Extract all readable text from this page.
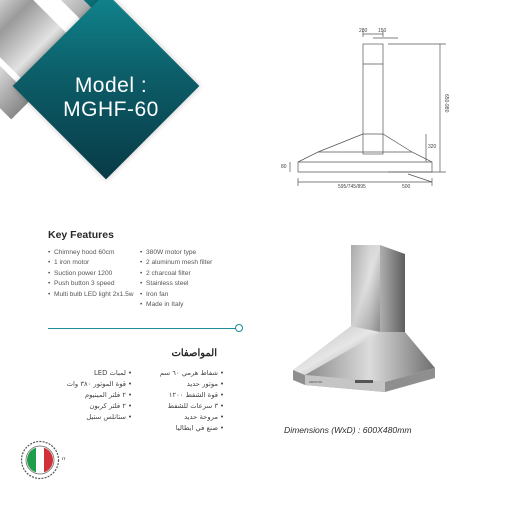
Model :
MGHF-60
280 150
650-980
80
320
595/745/895	500
Key Features
• Chimney hood 60cm
• 1 iron motor
• Suction power 1200
• Push button 3 speed
• Multi bulb LED light 2x1.5w
• 380W motor type
• 2 aluminum mesh filter
• 2 charcoal filter
• Stainless steel
• Iron fan
• Made in Italy
المواصفات
• شفاط هرمي ٦٠ سم
• موتور حديد
• قوة الشفط ١٢٠٠
• ٣ سرعات للشفط
• مروحة حديد
• صنع في ايطاليا
• لمبات LED
• قوة الموتور ٣٨٠ وات
• ٢ فلتر المينيوم
• ٢ فلتر كربون
• ستانلس ستيل
ARISTON
Dimensions (WxD) : 600X480mm
IT
